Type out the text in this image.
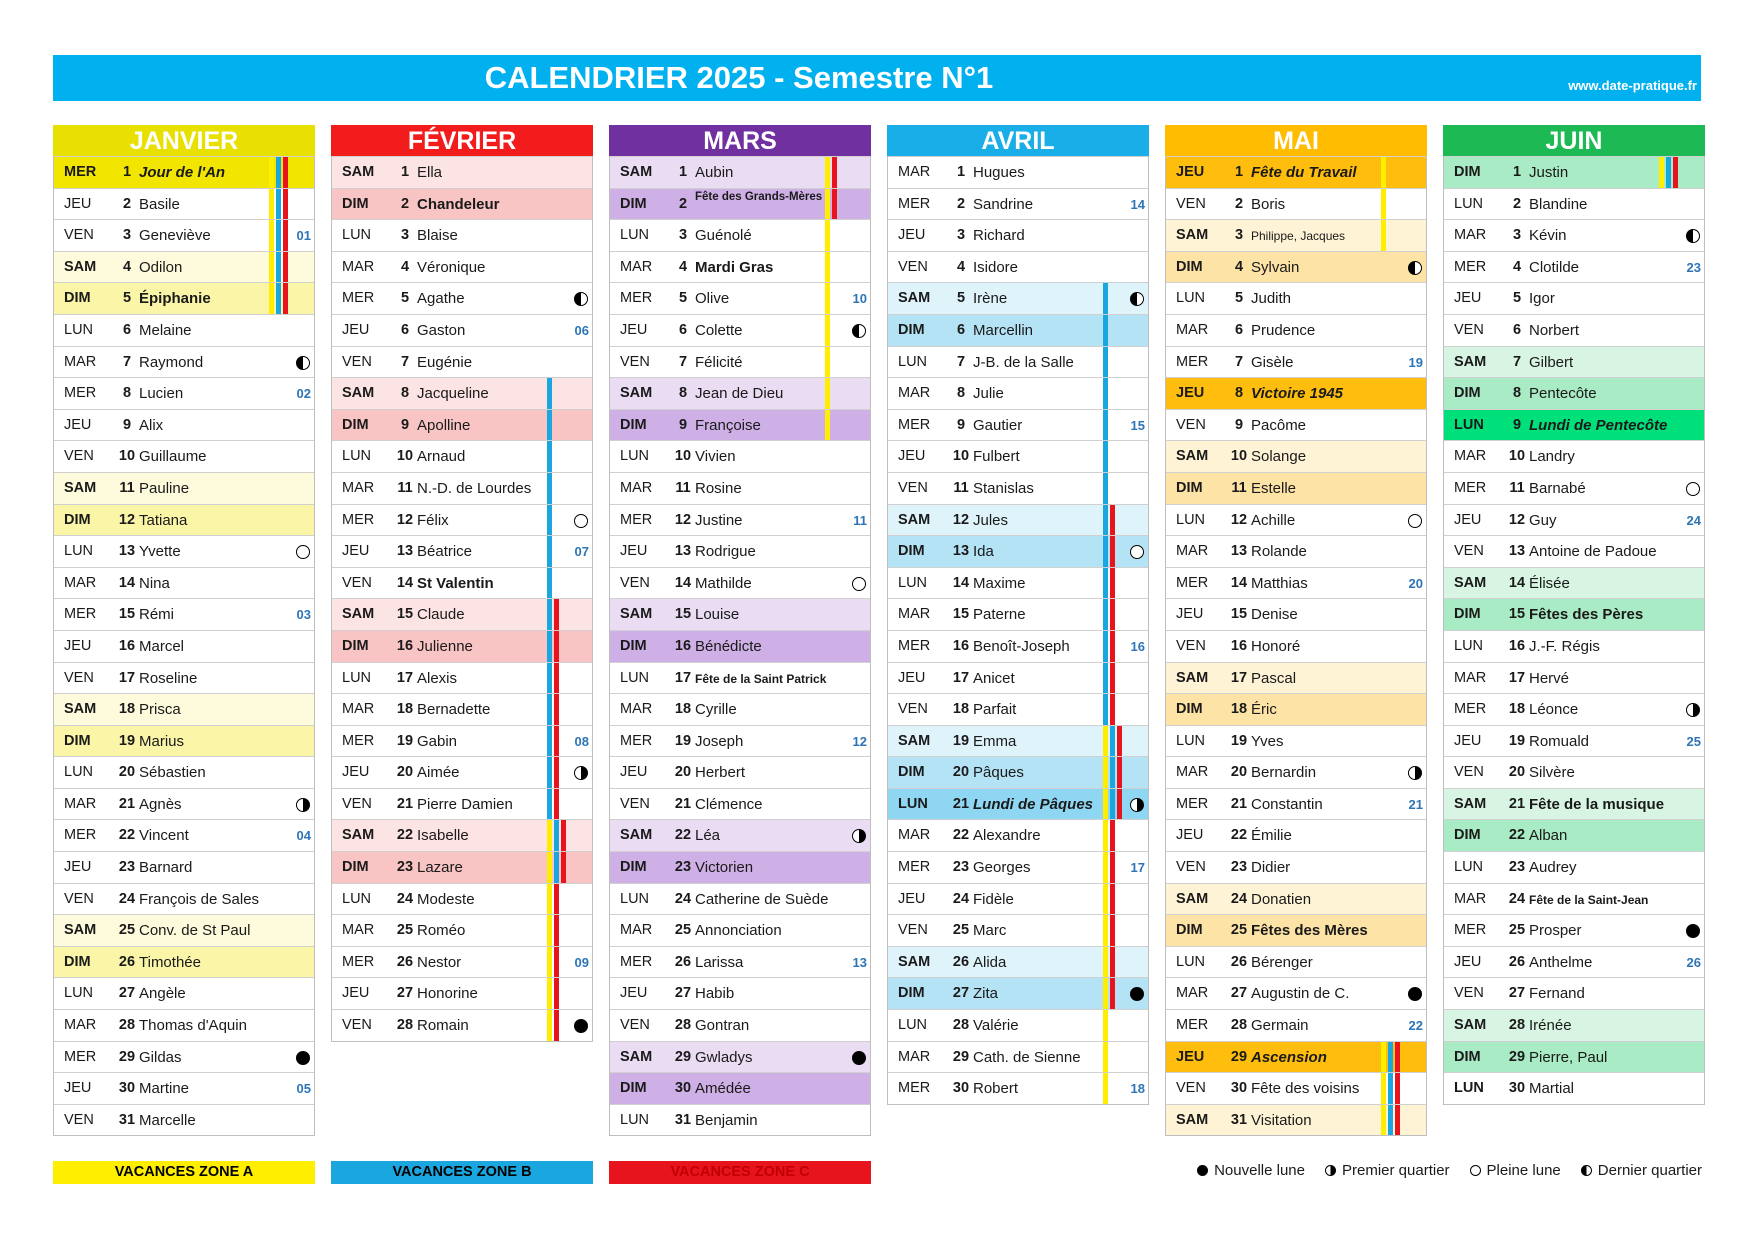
CALENDRIER 2025 - Semestre N°1	www.date-pratique.fr
JANVIER
MER	1 Jour de l'An
JEU	2 Basile
VEN	3 Geneviève	01
SAM	4 Odilon
DIM	5 Épiphanie
LUN	6 Melaine
MAR	7 Raymond
MER	8 Lucien	02
JEU	9 Alix
VEN 10 Guillaume
SAM 11 Pauline
DIM 12 Tatiana
LUN 13 Yvette
MAR 14 Nina
MER 15 Rémi	03
JEU 16 Marcel
VEN 17 Roseline
SAM 18 Prisca
DIM 19 Marius
LUN 20 Sébastien
MAR 21 Agnès
MER 22 Vincent	04
JEU 23 Barnard
VEN 24 François de Sales
SAM 25 Conv. de St Paul
DIM 26 Timothée
LUN 27 Angèle
MAR 28 Thomas d'Aquin
MER 29 Gildas
JEU 30 Martine	05
VEN 31 Marcelle
FÉVRIER
SAM	1 Ella
DIM	2 Chandeleur
LUN	3 Blaise
MAR	4 Véronique
MER	5 Agathe
JEU	6 Gaston	06
VEN	7 Eugénie
SAM	8 Jacqueline
DIM	9 Apolline
LUN 10 Arnaud
MAR 11 N.-D. de Lourdes
MER 12 Félix
JEU 13 Béatrice	07
VEN 14 St Valentin
SAM 15 Claude
DIM 16 Julienne
LUN 17 Alexis
MAR 18 Bernadette
MER 19 Gabin	08
JEU 20 Aimée
VEN 21 Pierre Damien
SAM 22 Isabelle
DIM 23 Lazare
LUN 24 Modeste
MAR 25 Roméo
MER 26 Nestor	09
JEU 27 Honorine
VEN 28 Romain
MARS
SAM	1 Aubin
DIM	2 Fête des Grands-Mères
LUN	3 Guénolé
MAR	4 Mardi Gras
MER	5 Olive	10
JEU	6 Colette
VEN	7 Félicité
SAM	8 Jean de Dieu
DIM	9 Françoise
LUN 10 Vivien
MAR 11 Rosine
MER 12 Justine	11
JEU 13 Rodrigue
VEN 14 Mathilde
SAM 15 Louise
DIM 16 Bénédicte
LUN 17 Fête de la Saint Patrick
MAR 18 Cyrille
MER 19 Joseph	12
JEU 20 Herbert
VEN 21 Clémence
SAM 22 Léa
DIM 23 Victorien
LUN 24 Catherine de Suède
MAR 25 Annonciation
MER 26 Larissa	13
JEU 27 Habib
VEN 28 Gontran
SAM 29 Gwladys
DIM 30 Amédée
LUN 31 Benjamin
AVRIL
MAR	1 Hugues
MER	2 Sandrine	14
JEU	3 Richard
VEN	4 Isidore
SAM	5 Irène
DIM	6 Marcellin
LUN	7 J-B. de la Salle
MAR	8 Julie
MER	9 Gautier	15
JEU 10 Fulbert
VEN 11 Stanislas
SAM 12 Jules
DIM 13 Ida
LUN 14 Maxime
MAR 15 Paterne
MER 16 Benoît-Joseph	16
JEU 17 Anicet
VEN 18 Parfait
SAM 19 Emma
DIM 20 Pâques
LUN 21 Lundi de Pâques
MAR 22 Alexandre
MER 23 Georges	17
JEU 24 Fidèle
VEN 25 Marc
SAM 26 Alida
DIM 27 Zita
LUN 28 Valérie
MAR 29 Cath. de Sienne
MER 30 Robert	18
MAI
JEU	1 Fête du Travail
VEN	2 Boris
SAM	3 Philippe, Jacques
DIM	4 Sylvain
LUN	5 Judith
MAR	6 Prudence
MER	7 Gisèle	19
JEU	8 Victoire 1945
VEN	9 Pacôme
SAM 10 Solange
DIM 11 Estelle
LUN 12 Achille
MAR 13 Rolande
MER 14 Matthias	20
JEU 15 Denise
VEN 16 Honoré
SAM 17 Pascal
DIM 18 Éric
LUN 19 Yves
MAR 20 Bernardin
MER 21 Constantin	21
JEU 22 Émilie
VEN 23 Didier
SAM 24 Donatien
DIM 25 Fêtes des Mères
LUN 26 Bérenger
MAR 27 Augustin de C.
MER 28 Germain	22
JEU 29 Ascension
VEN 30 Fête des voisins
SAM 31 Visitation
JUIN
DIM	1 Justin
LUN	2 Blandine
MAR	3 Kévin
MER	4 Clotilde	23
JEU	5 Igor
VEN	6 Norbert
SAM	7 Gilbert
DIM	8 Pentecôte
LUN	9 Lundi de Pentecôte
MAR 10 Landry
MER 11 Barnabé
JEU 12 Guy	24
VEN 13 Antoine de Padoue
SAM 14 Élisée
DIM 15 Fêtes des Pères
LUN 16 J.-F. Régis
MAR 17 Hervé
MER 18 Léonce
JEU 19 Romuald	25
VEN 20 Silvère
SAM 21 Fête de la musique
DIM 22 Alban
LUN 23 Audrey
MAR 24 Fête de la Saint-Jean
MER 25 Prosper
JEU 26 Anthelme	26
VEN 27 Fernand
SAM 28 Irénée
DIM 29 Pierre, Paul
LUN 30 Martial
VACANCES ZONE A	VACANCES ZONE B	VACANCES ZONE C	Nouvelle lune Premier quartier Pleine lune Dernier quartier
